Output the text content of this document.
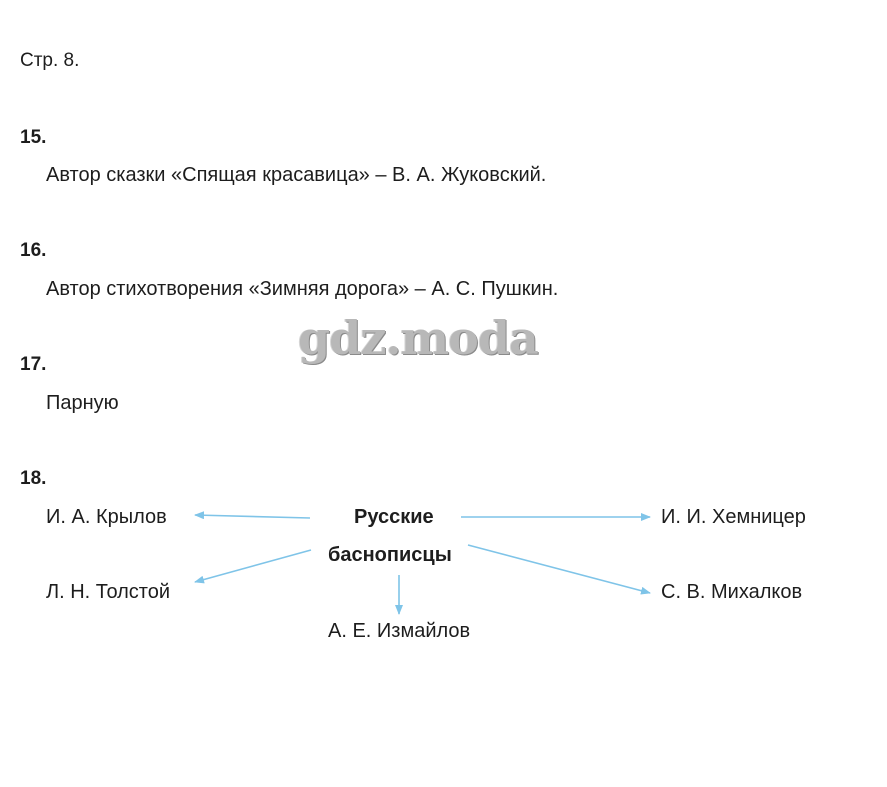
Стр. 8.
15.
Автор сказки «Спящая красавица» – В. А. Жуковский.
16.
Автор стихотворения «Зимняя дорога» – А. С. Пушкин.
gdz.moda
17.
Парную
18.
И. А. Крылов	Русские	И. И. Хемницер
баснописцы
Л. Н. Толстой	С. В. Михалков
А. Е. Измайлов
